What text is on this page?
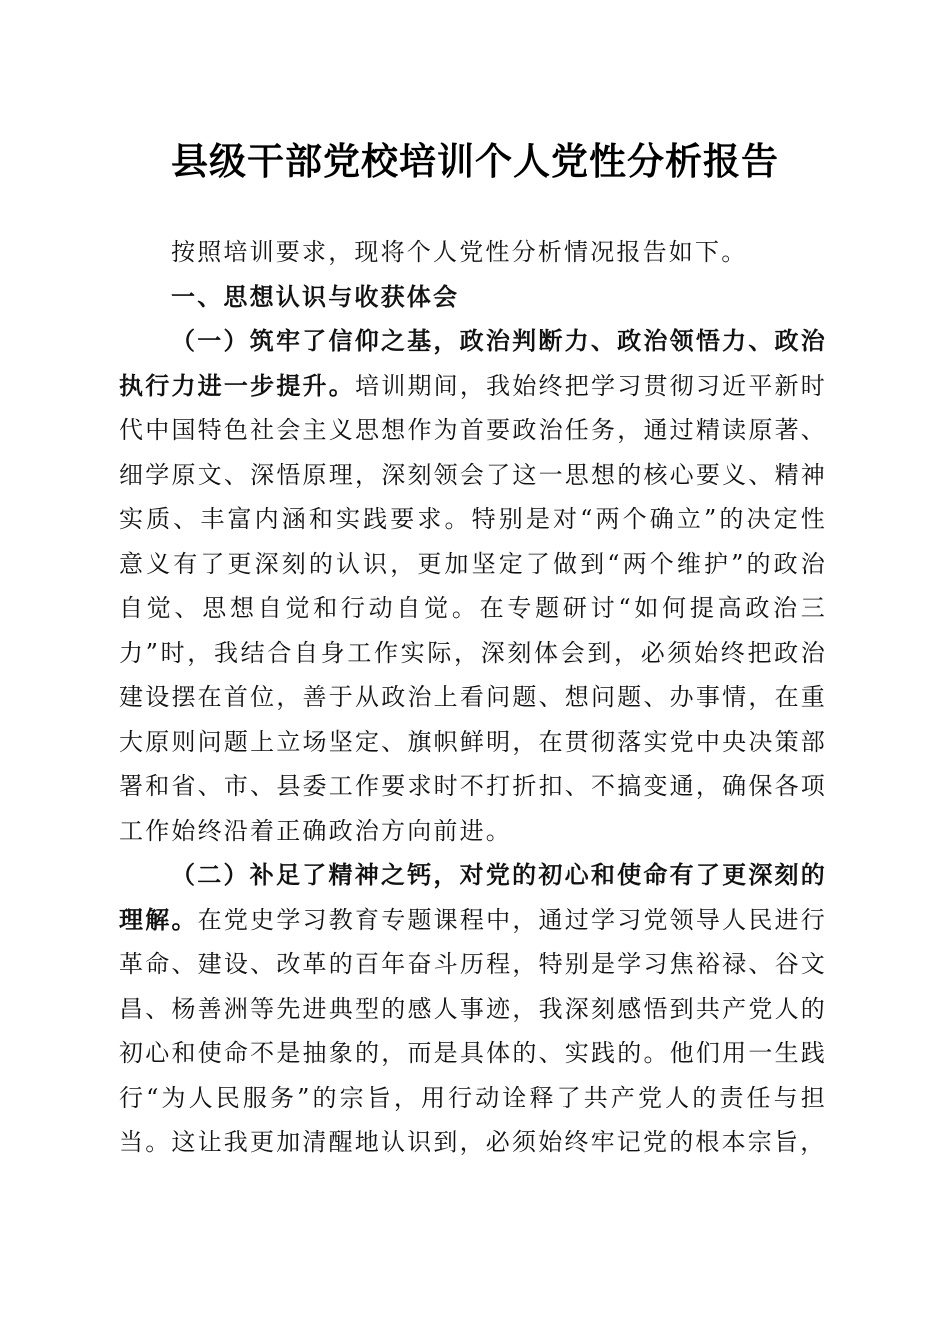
县级干部党校培训个人党性分析报告

按照培训要求，现将个人党性分析情况报告如下。

一、思想认识与收获体会

（一）筑牢了信仰之基，政治判断力、政治领悟力、政治执行力进一步提升。培训期间，我始终把学习贯彻习近平新时代中国特色社会主义思想作为首要政治任务，通过精读原著、细学原文、深悟原理，深刻领会了这一思想的核心要义、精神实质、丰富内涵和实践要求。特别是对“两个确立”的决定性意义有了更深刻的认识，更加坚定了做到“两个维护”的政治自觉、思想自觉和行动自觉。在专题研讨“如何提高政治三力”时，我结合自身工作实际，深刻体会到，必须始终把政治建设摆在首位，善于从政治上看问题、想问题、办事情，在重大原则问题上立场坚定、旗帜鲜明，在贯彻落实党中央决策部署和省、市、县委工作要求时不打折扣、不搞变通，确保各项工作始终沿着正确政治方向前进。

（二）补足了精神之钙，对党的初心和使命有了更深刻的理解。在党史学习教育专题课程中，通过学习党领导人民进行革命、建设、改革的百年奋斗历程，特别是学习焦裕禄、谷文昌、杨善洲等先进典型的感人事迹，我深刻感悟到共产党人的初心和使命不是抽象的，而是具体的、实践的。他们用一生践行“为人民服务”的宗旨，用行动诠释了共产党人的责任与担当。这让我更加清醒地认识到，必须始终牢记党的根本宗旨，
